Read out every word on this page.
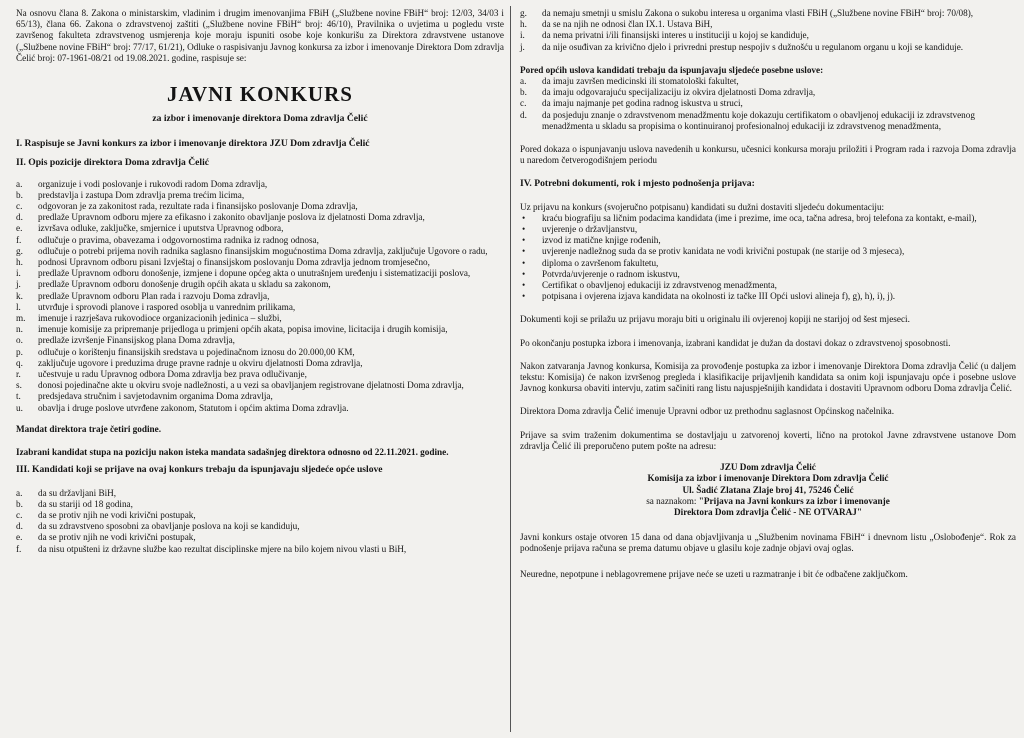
Na osnovu člana 8. Zakona o ministarskim, vladinim i drugim imenovanjima FBiH („Službene novine FBiH“ broj: 12/03, 34/03 i 65/13), člana 66. Zakona o zdravstvenoj zaštiti („Službene novine FBiH“ broj: 46/10), Pravilnika o uvjetima u pogledu vrste završenog fakulteta zdravstvenog usmjerenja koje moraju ispuniti osobe koje konkurišu za Direktora zdravstvene ustanove („Službene novine FBiH“ broj: 77/17, 61/21), Odluke o raspisivanju Javnog konkursa za izbor i imenovanje Direktora Dom zdravlja Čelić broj: 07-1961-08/21 od 19.08.2021. godine, raspisuje se:

JAVNI KONKURS
za izbor i imenovanje direktora Doma zdravlja Čelić

I. Raspisuje se Javni konkurs za izbor i imenovanje direktora JZU Dom zdravlja Čelić

II. Opis pozicije direktora Doma zdravlja Čelić

a. organizuje i vodi poslovanje i rukovodi radom Doma zdravlja,
b. predstavlja i zastupa Dom zdravlja prema trećim licima,
c. odgovoran je za zakonitost rada, rezultate rada i finansijsko poslovanje Doma zdravlja,
d. predlaže Upravnom odboru mjere za efikasno i zakonito obavljanje poslova iz djelatnosti Doma zdravlja,
e. izvršava odluke, zaključke, smjernice i uputstva Upravnog odbora,
f. odlučuje o pravima, obavezama i odgovornostima radnika iz radnog odnosa,
g. odlučuje o potrebi prijema novih radnika saglasno finansijskim mogućnostima Doma zdravlja, zaključuje Ugovore o radu,
h. podnosi Upravnom odboru pisani Izvještaj o finansijskom poslovanju Doma zdravlja jednom tromjesečno,
i. predlaže Upravnom odboru donošenje, izmjene i dopune općeg akta o unutrašnjem uređenju i sistematizaciji poslova,
j. predlaže Upravnom odboru donošenje drugih općih akata u skladu sa zakonom,
k. predlaže Upravnom odboru Plan rada i razvoju Doma zdravlja,
l. utvrđuje i sprovodi planove i raspored osoblja u vanrednim prilikama,
m. imenuje i razrješava rukovodioce organizacionih jedinica – službi,
n. imenuje komisije za pripremanje prijedloga u primjeni općih akata, popisa imovine, licitacija i drugih komisija,
o. predlaže izvršenje Finansijskog plana Doma zdravlja,
p. odlučuje o korištenju finansijskih sredstava u pojedinačnom iznosu do 20.000,00 KM,
q. zaključuje ugovore i preduzima druge pravne radnje u okviru djelatnosti Doma zdravlja,
r. učestvuje u radu Upravnog odbora Doma zdravlja bez prava odlučivanje,
s. donosi pojedinačne akte u okviru svoje nadležnosti, a u vezi sa obavljanjem registrovane djelatnosti Doma zdravlja,
t. predsjedava stručnim i savjetodavnim organima Doma zdravlja,
u. obavlja i druge poslove utvrđene zakonom, Statutom i općim aktima Doma zdravlja.

Mandat direktora traje četiri godine.

Izabrani kandidat stupa na poziciju nakon isteka mandata sadašnjeg direktora odnosno od 22.11.2021. godine.

III. Kandidati koji se prijave na ovaj konkurs trebaju da ispunjavaju sljedeće opće uslove

a. da su državljani BiH,
b. da su stariji od 18 godina,
c. da se protiv njih ne vodi krivični postupak,
d. da su zdravstveno sposobni za obavljanje poslova na koji se kandiduju,
e. da se protiv njih ne vodi krivični postupak,
f. da nisu otpušteni iz državne službe kao rezultat disciplinske mjere na bilo kojem nivou vlasti u BiH,
g. da nemaju smetnji u smislu Zakona o sukobu interesa u organima vlasti FBiH („Službene novine FBiH“ broj: 70/08),
h. da se na njih ne odnosi član IX.1. Ustava BiH,
i. da nema privatni i/ili finansijski interes u instituciji u kojoj se kandiduje,
j. da nije osuđivan za krivično djelo i privredni prestup nespojiv s dužnošću u regulanom organu u koji se kandiduje.

Pored općih uslova kandidati trebaju da ispunjavaju sljedeće posebne uslove:

a. da imaju završen medicinski ili stomatološki fakultet,
b. da imaju odgovarajuću specijalizaciju iz okvira djelatnosti Doma zdravlja,
c. da imaju najmanje pet godina radnog iskustva u struci,
d. da posjeduju znanje o zdravstvenom menadžmentu koje dokazuju certifikatom o obavljenoj edukaciji iz zdravstvenog menadžmenta u skladu sa propisima o kontinuiranoj profesionalnoj edukaciji iz zdravstvenog menadžmenta,

Pored dokaza o ispunjavanju uslova navedenih u konkursu, učesnici konkursa moraju priložiti i Program rada i razvoja Doma zdravlja u naredom četverogodišnjem periodu

IV. Potrebni dokumenti, rok i mjesto podnošenja prijava:

Uz prijavu na konkurs (svojeručno potpisanu) kandidati su dužni dostaviti sljedeću dokumentaciju:

• kraću biografiju sa ličnim podacima kandidata (ime i prezime, ime oca, tačna adresa, broj telefona za kontakt, e-mail),
• uvjerenje o državljanstvu,
• izvod iz matične knjige rođenih,
• uvjerenje nadležnog suda da se protiv kanidata ne vodi krivični postupak (ne starije od 3 mjeseca),
• diploma o završenom fakultetu,
• Potvrda/uvjerenje o radnom iskustvu,
• Certifikat o obavljenoj edukaciji iz zdravstvenog menadžmenta,
• potpisana i ovjerena izjava kandidata na okolnosti iz tačke III Opći uslovi alineja f), g), h), i), j).

Dokumenti koji se prilažu uz prijavu moraju biti u originalu ili ovjerenoj kopiji ne starijoj od šest mjeseci.

Po okončanju postupka izbora i imenovanja, izabrani kandidat je dužan da dostavi dokaz o zdravstvenoj sposobnosti.

Nakon zatvaranja Javnog konkursa, Komisija za provođenje postupka za izbor i imenovanje Direktora Doma zdravlja Čelić (u daljem tekstu: Komisija) će nakon izvršenog pregleda i klasifikacije prijavljenih kandidata sa onim koji ispunjavaju opće i posebne uslove Javnog konkursa obaviti intervju, zatim sačiniti rang listu najuspješnijih kandidata i dostaviti Upravnom odboru Doma zdravlja Čelić.

Direktora Doma zdravlja Čelić imenuje Upravni odbor uz prethodnu saglasnost Općinskog načelnika.

Prijave sa svim traženim dokumentima se dostavljaju u zatvorenoj koverti, lično na protokol Javne zdravstvene ustanove Dom zdravlja Čelić ili preporučeno putem pošte na adresu:

JZU Dom zdravlja Čelić
Komisija za izbor i imenovanje Direktora Dom zdravlja Čelić
Ul. Šadić Zlatana Zlaje broj 41, 75246 Čelić
sa naznakom: "Prijava na Javni konkurs za izbor i imenovanje
Direktora Dom zdravlja Čelić - NE OTVARAJ"

Javni konkurs ostaje otvoren 15 dana od dana objavljivanja u „Službenim novinama FBiH“ i dnevnom listu „Oslobođenje“. Rok za podnošenje prijava računa se prema datumu objave u glasilu koje zadnje objavi ovaj oglas.

Neuredne, nepotpune i neblagovremene prijave neće se uzeti u razmatranje i bit će odbačene zaključkom.
